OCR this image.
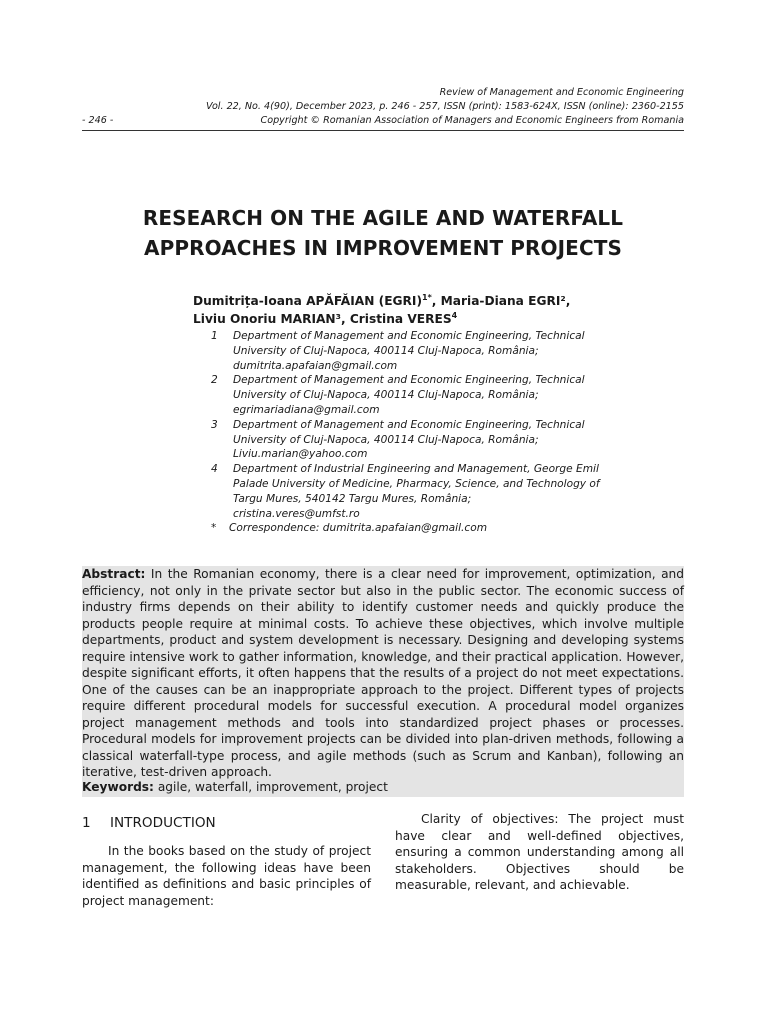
Review of Management and Economic Engineering
Vol. 22, No. 4(90), December 2023, p. 246 - 257, ISSN (print): 1583-624X, ISSN (online): 2360-2155
Copyright © Romanian Association of Managers and Economic Engineers from Romania
- 246 -
RESEARCH ON THE AGILE AND WATERFALL
APPROACHES IN IMPROVEMENT PROJECTS
Dumitrița-Ioana APĂFĂIAN (EGRI)$^{1*}$, Maria-Diana EGRI²,
Liviu Onoriu MARIAN³, Cristina VERES$^4$
1 Department of Management and Economic Engineering, Technical
University of Cluj-Napoca, 400114 Cluj-Napoca, România;
dumitrita.apafaian@gmail.com
2 Department of Management and Economic Engineering, Technical
University of Cluj-Napoca, 400114 Cluj-Napoca, România;
egrimariadiana@gmail.com
3 Department of Management and Economic Engineering, Technical
University of Cluj-Napoca, 400114 Cluj-Napoca, România;
Liviu.marian@yahoo.com
4 Department of Industrial Engineering and Management, George Emil
Palade University of Medicine, Pharmacy, Science, and Technology of
Targu Mures, 540142 Targu Mures, România;
cristina.veres@umfst.ro
* Correspondence: dumitrita.apafaian@gmail.com

Abstract: In the Romanian economy, there is a clear need for improvement, optimization, and efficiency, not only in the private sector but also in the public sector. The economic success of industry firms depends on their ability to identify customer needs and quickly produce the products people require at minimal costs. To achieve these objectives, which involve multiple departments, product and system development is necessary. Designing and developing systems require intensive work to gather information, knowledge, and their practical application. However, despite significant efforts, it often happens that the results of a project do not meet expectations. One of the causes can be an inappropriate approach to the project. Different types of projects require different procedural models for successful execution. A procedural model organizes project management methods and tools into standardized project phases or processes. Procedural models for improvement projects can be divided into plan-driven methods, following a classical waterfall-type process, and agile methods (such as Scrum and Kanban), following an iterative, test-driven approach.

Keywords: agile, waterfall, improvement, project
1 INTRODUCTION

In the books based on the study of project management, the following ideas have been identified as definitions and basic principles of project management:

Clarity of objectives: The project must have clear and well-defined objectives, ensuring a common understanding among all stakeholders. Objectives should be measurable, relevant, and achievable.
